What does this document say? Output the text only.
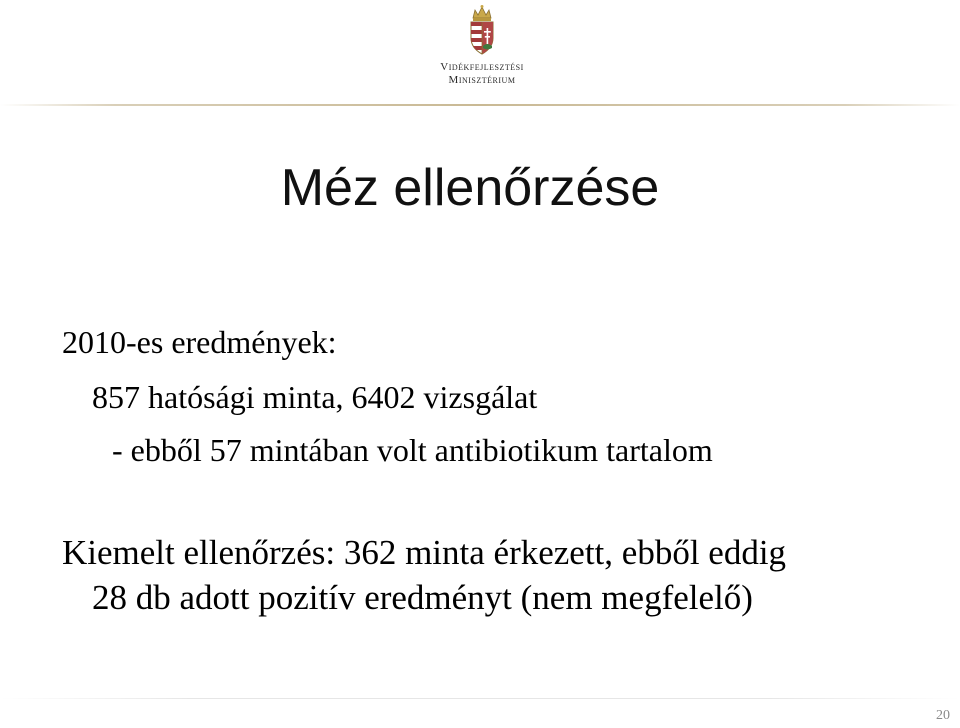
Vidékfejlesztési
Minisztérium
Méz ellenőrzése
2010-es eredmények:
857 hatósági minta, 6402 vizsgálat
- ebből 57 mintában volt antibiotikum tartalom
Kiemelt ellenőrzés: 362 minta érkezett, ebből eddig
28 db adott pozitív eredményt (nem megfelelő)
20
